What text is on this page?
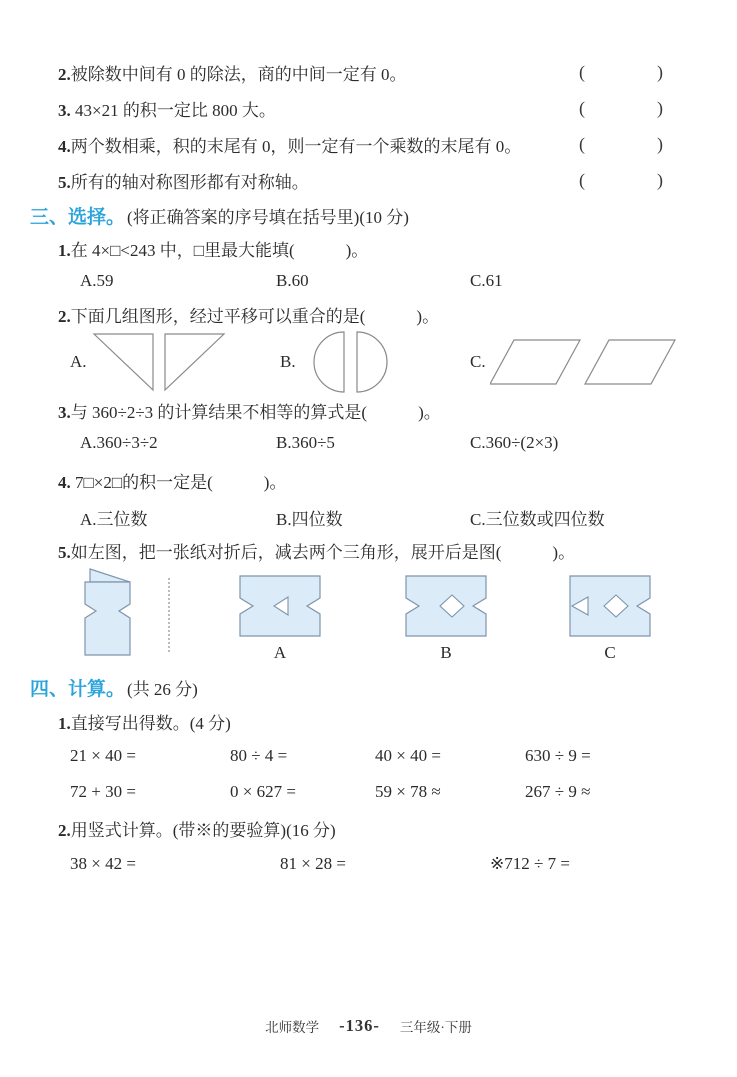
2.被除数中间有 0 的除法，商的中间一定有 0。	(	)
3. 43×21 的积一定比 800 大。	(	)
4.两个数相乘，积的末尾有 0，则一定有一个乘数的末尾有 0。	(	)
5.所有的轴对称图形都有对称轴。	(	)
三、选择。 (将正确答案的序号填在括号里)(10 分)
1.在 4×□<243 中，□里最大能填(　　　)。
A.59	B.60	C.61
2.下面几组图形，经过平移可以重合的是(　　　)。
A.	B.	C.
3.与 360÷2÷3 的计算结果不相等的算式是(　　　)。
A.360÷3÷2	B.360÷5	C.360÷(2×3)
4. 7□×2□的积一定是(　　　)。
A.三位数	B.四位数	C.三位数或四位数
5.如左图，把一张纸对折后，减去两个三角形，展开后是图(　　　)。
A	B	C
四、计算。 (共 26 分)
1.直接写出得数。(4 分)
21 × 40 =	80 ÷ 4 =	40 × 40 =	630 ÷ 9 =
72 + 30 =	0 × 627 =	59 × 78 ≈	267 ÷ 9 ≈
2.用竖式计算。(带※的要验算)(16 分)
38 × 42 =	81 × 28 =	※712 ÷ 7 =
北师数学 -136- 三年级·下册
